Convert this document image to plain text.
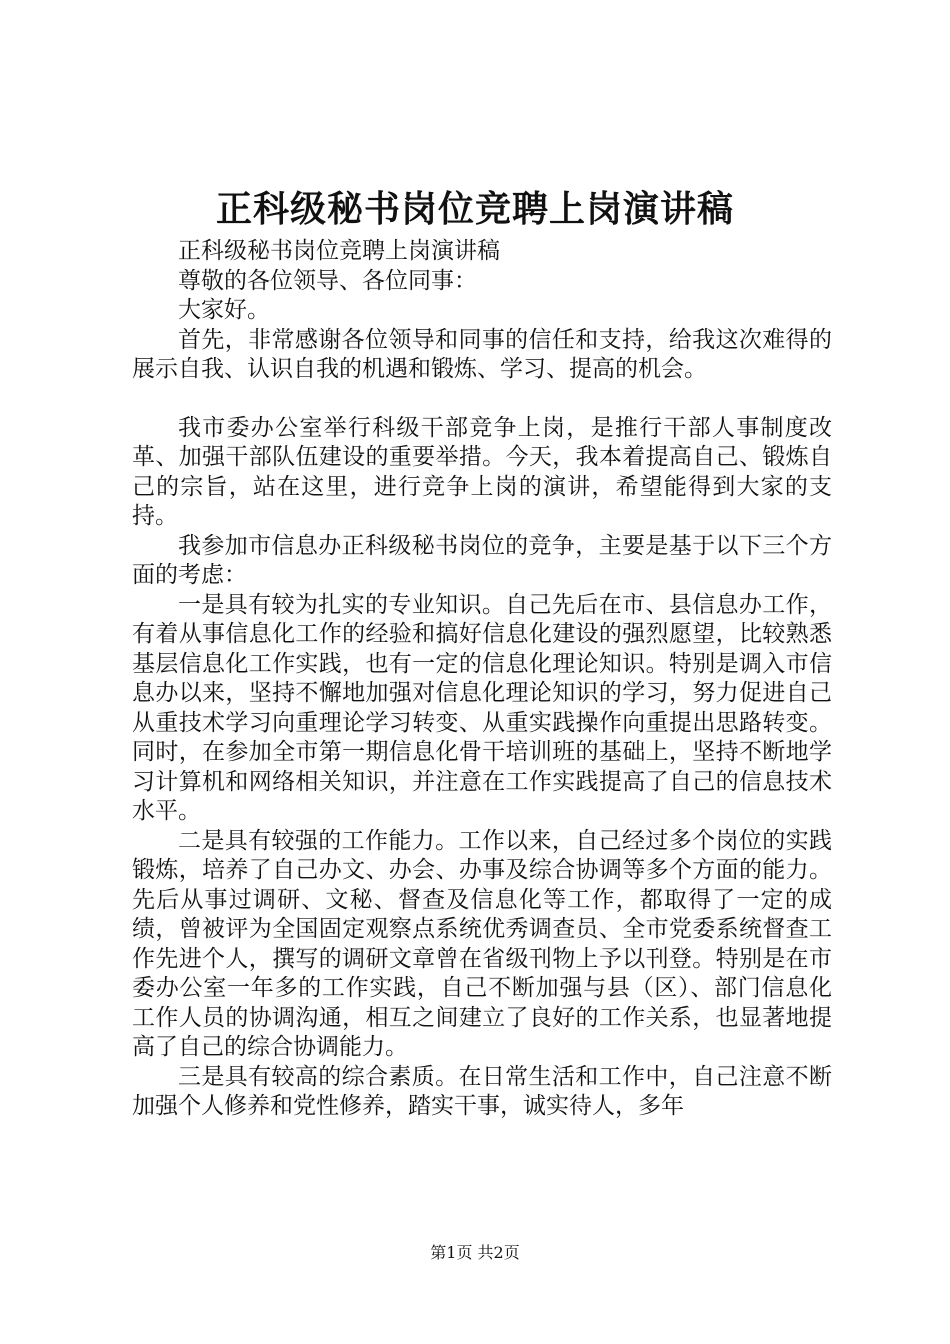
正科级秘书岗位竞聘上岗演讲稿

正科级秘书岗位竞聘上岗演讲稿

尊敬的各位领导、各位同事：

大家好。

首先，非常感谢各位领导和同事的信任和支持，给我这次难得的展示自我、认识自我的机遇和锻炼、学习、提高的机会。

我市委办公室举行科级干部竞争上岗，是推行干部人事制度改革、加强干部队伍建设的重要举措。今天，我本着提高自己、锻炼自己的宗旨，站在这里，进行竞争上岗的演讲，希望能得到大家的支持。

我参加市信息办正科级秘书岗位的竞争，主要是基于以下三个方面的考虑：

一是具有较为扎实的专业知识。自己先后在市、县信息办工作，有着从事信息化工作的经验和搞好信息化建设的强烈愿望，比较熟悉基层信息化工作实践，也有一定的信息化理论知识。特别是调入市信息办以来，坚持不懈地加强对信息化理论知识的学习，努力促进自己从重技术学习向重理论学习转变、从重实践操作向重提出思路转变。同时，在参加全市第一期信息化骨干培训班的基础上，坚持不断地学习计算机和网络相关知识，并注意在工作实践提高了自己的信息技术水平。

二是具有较强的工作能力。工作以来，自己经过多个岗位的实践锻炼，培养了自己办文、办会、办事及综合协调等多个方面的能力。先后从事过调研、文秘、督查及信息化等工作，都取得了一定的成绩，曾被评为全国固定观察点系统优秀调查员、全市党委系统督查工作先进个人，撰写的调研文章曾在省级刊物上予以刊登。特别是在市委办公室一年多的工作实践，自己不断加强与县（区）、部门信息化工作人员的协调沟通，相互之间建立了良好的工作关系，也显著地提高了自己的综合协调能力。

三是具有较高的综合素质。在日常生活和工作中，自己注意不断加强个人修养和党性修养，踏实干事，诚实待人，多年

第1页 共2页
